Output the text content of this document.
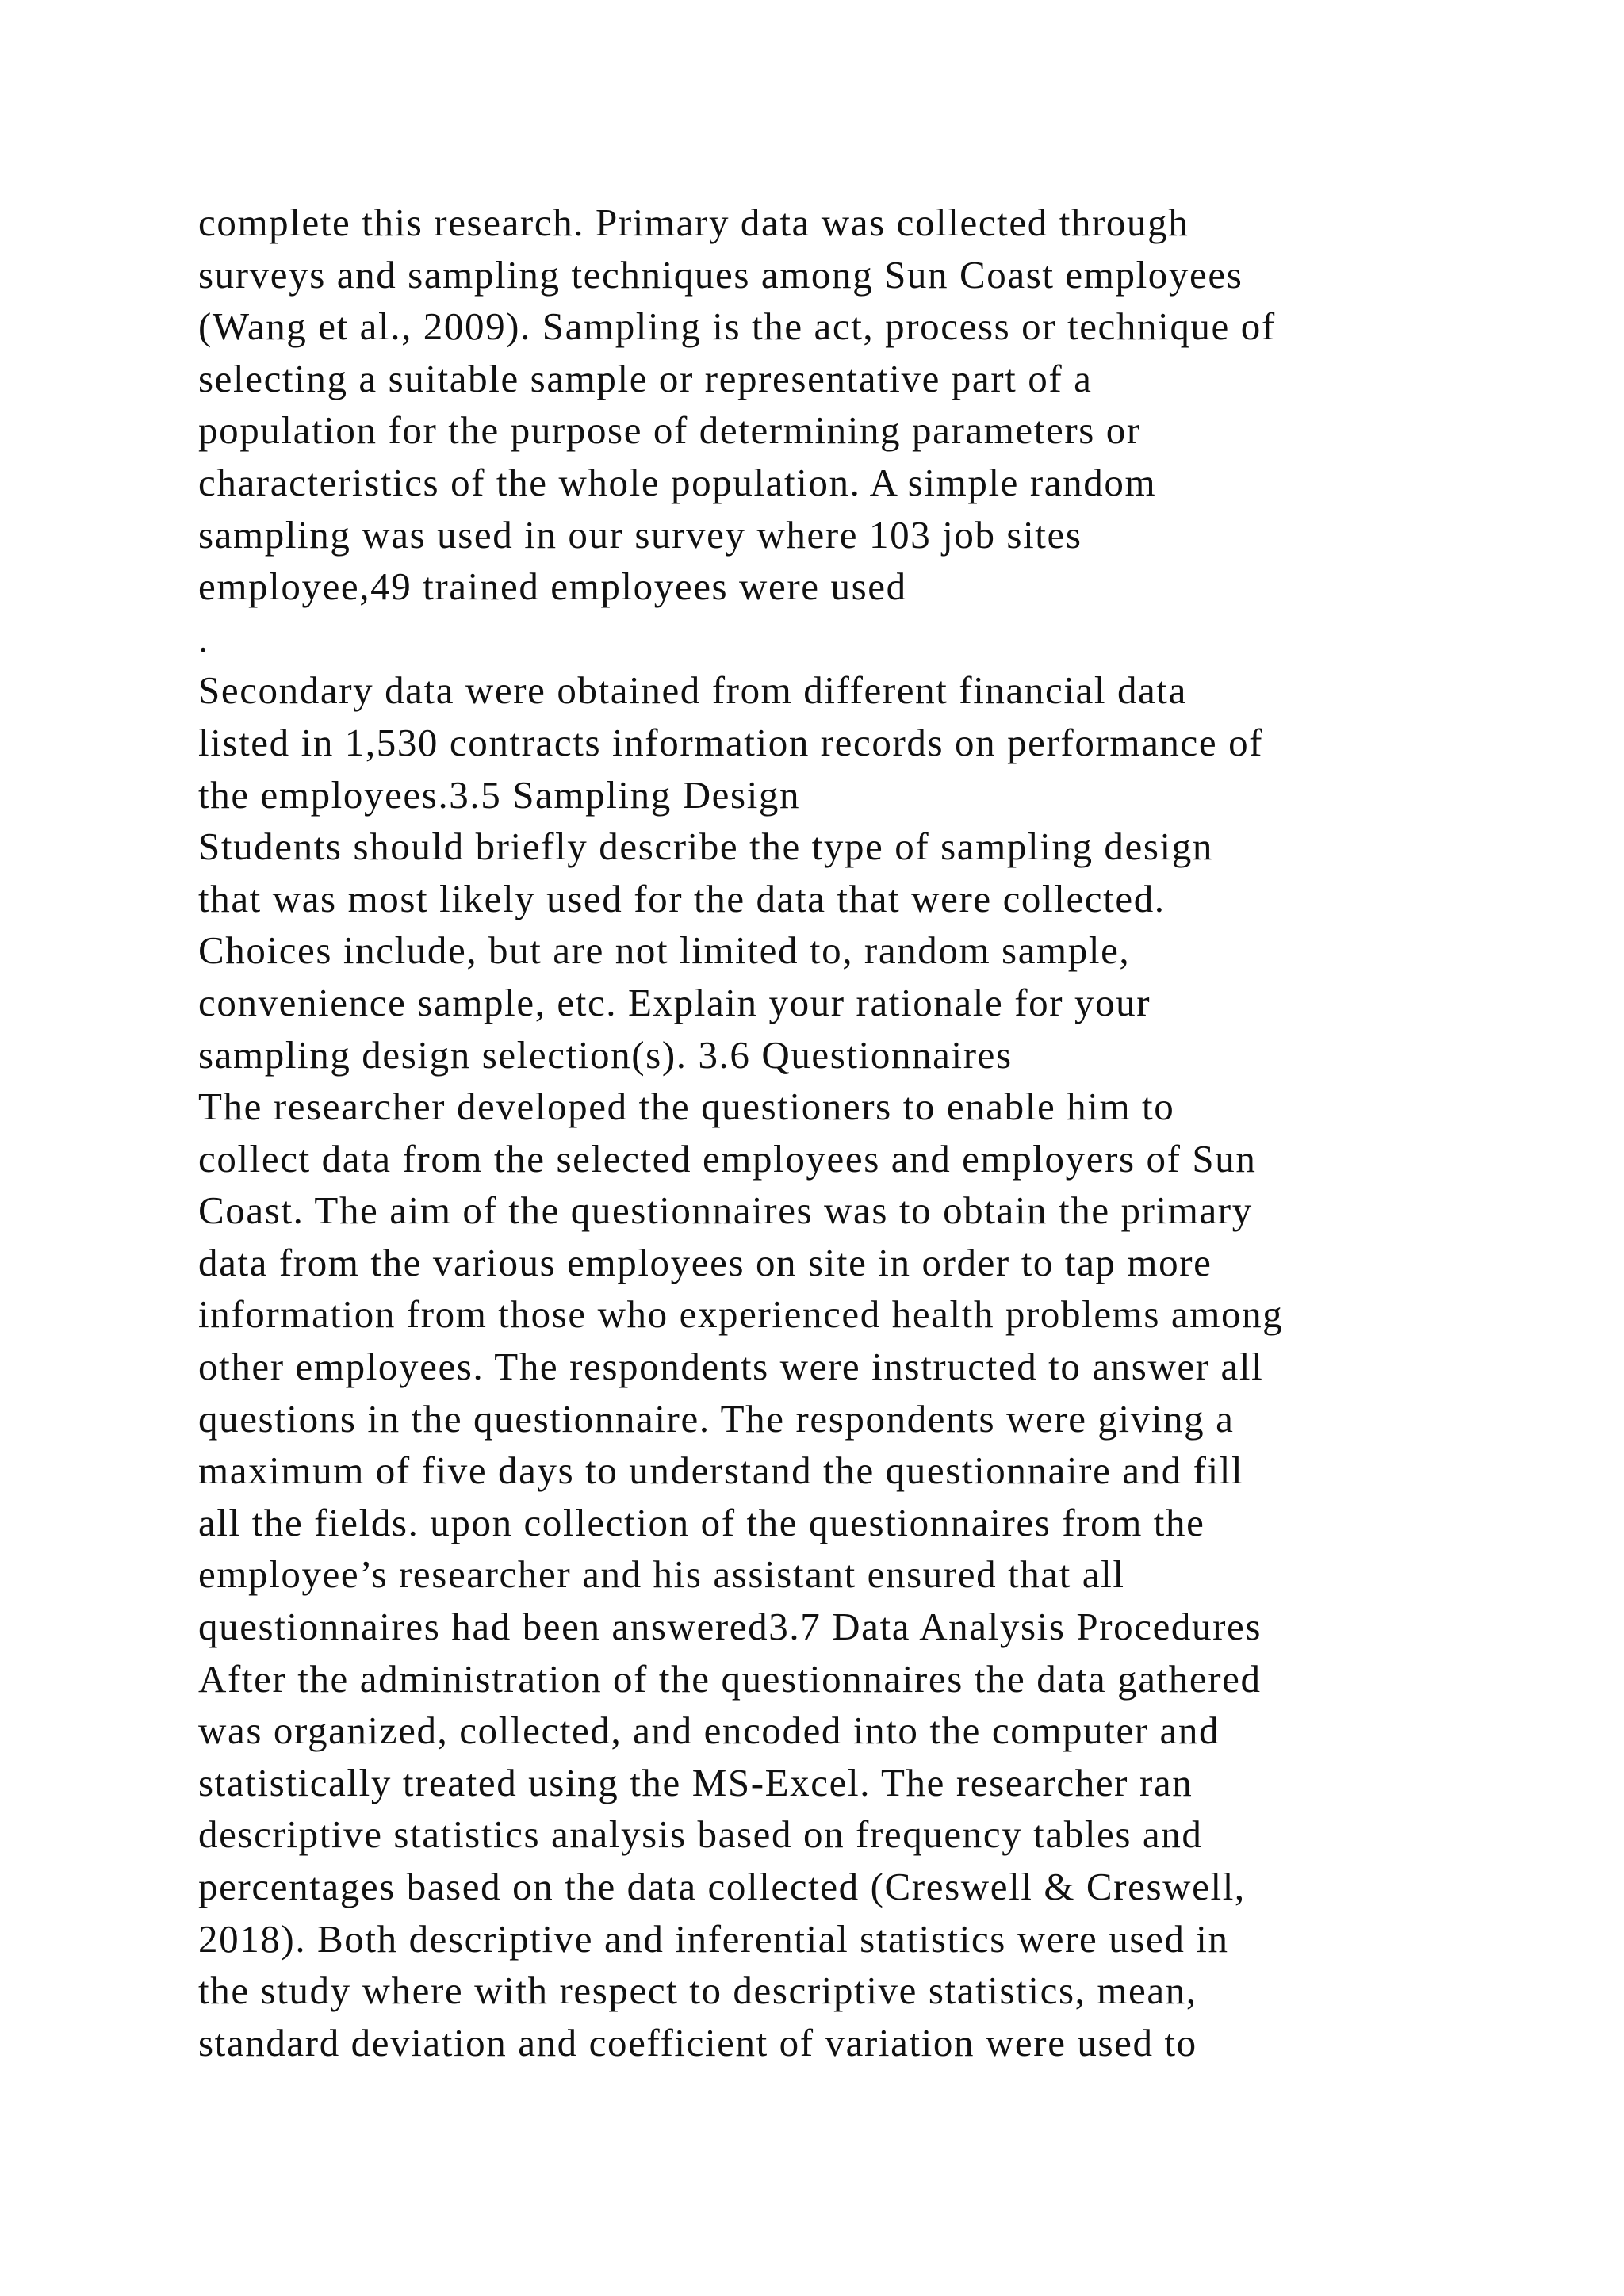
complete this research. Primary data was collected through
surveys and sampling techniques among Sun Coast employees
(Wang et al., 2009). Sampling is the act, process or technique of
selecting a suitable sample or representative part of a
population for the purpose of determining parameters or
characteristics of the whole population. A simple random
sampling was used in our survey where 103 job sites
employee,49 trained employees were used
.
Secondary data were obtained from different financial data
listed in 1,530 contracts information records on performance of
the employees.3.5 Sampling Design
Students should briefly describe the type of sampling design
that was most likely used for the data that were collected.
Choices include, but are not limited to, random sample,
convenience sample, etc. Explain your rationale for your
sampling design selection(s). 3.6 Questionnaires
The researcher developed the questioners to enable him to
collect data from the selected employees and employers of Sun
Coast. The aim of the questionnaires was to obtain the primary
data from the various employees on site in order to tap more
information from those who experienced health problems among
other employees. The respondents were instructed to answer all
questions in the questionnaire. The respondents were giving a
maximum of five days to understand the questionnaire and fill
all the fields. upon collection of the questionnaires from the
employee’s researcher and his assistant ensured that all
questionnaires had been answered3.7 Data Analysis Procedures
After the administration of the questionnaires the data gathered
was organized, collected, and encoded into the computer and
statistically treated using the MS-Excel. The researcher ran
descriptive statistics analysis based on frequency tables and
percentages based on the data collected (Creswell & Creswell,
2018). Both descriptive and inferential statistics were used in
the study where with respect to descriptive statistics, mean,
standard deviation and coefficient of variation were used to
